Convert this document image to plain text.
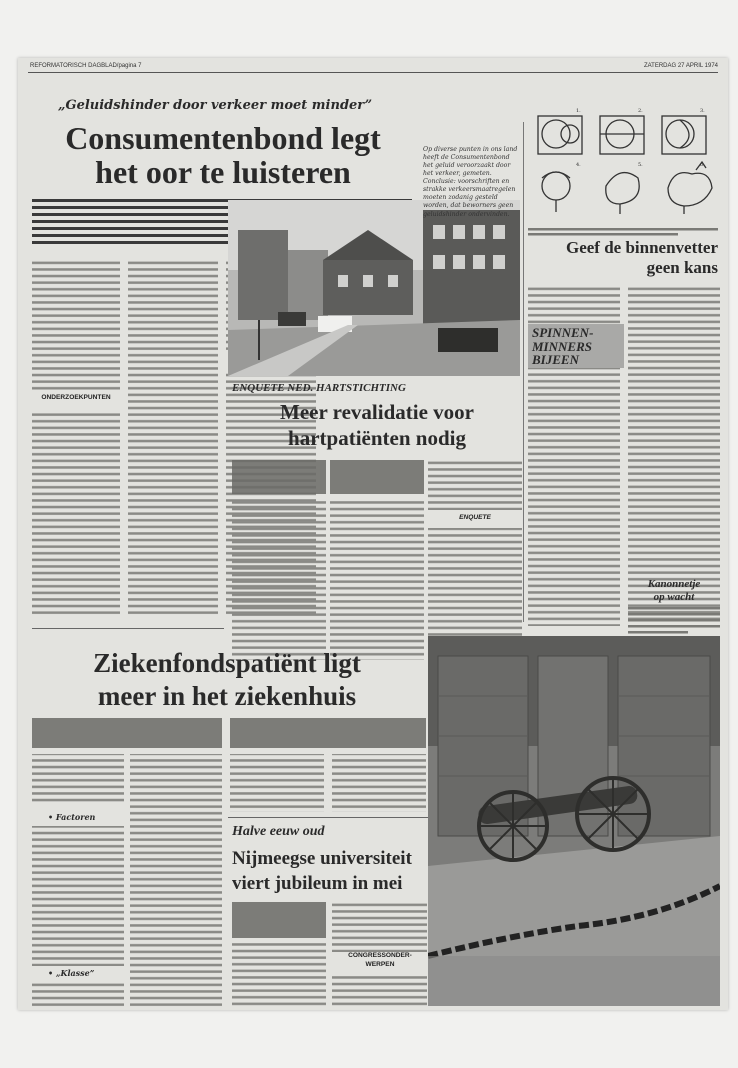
REFORMATORISCH DAGBLAD/pagina 7	ZATERDAG 27 APRIL 1974
„Geluidshinder door verkeer moet minder”
Consumentenbond legt
het oor te luisteren
ONDERZOEKPUNTEN
Op diverse punten in ons land heeft de Consumentenbond het geluid veroorzaakt door het verkeer, gemeten. Conclusie: voorschriften en strakke verkeersmaatregelen moeten zodanig gesteld worden, dat beworners geen geluidshinder ondervinden.
ENQUETE NED. HARTSTICHTING
Meer revalidatie voor
hartpatiënten nodig
ENQUETE
Ziekenfondspatiënt ligt
meer in het ziekenhuis
• Factoren
• „Klasse”
Halve eeuw oud
Nijmeegse universiteit
viert jubileum in mei
CONGRESSONDER-
WERPEN
1.	2.	3.
4.	5.	6.
Geef de binnenvetter
geen kans
SPINNEN-
MINNERS
BIJEEN
Kanonnetje
op wacht
